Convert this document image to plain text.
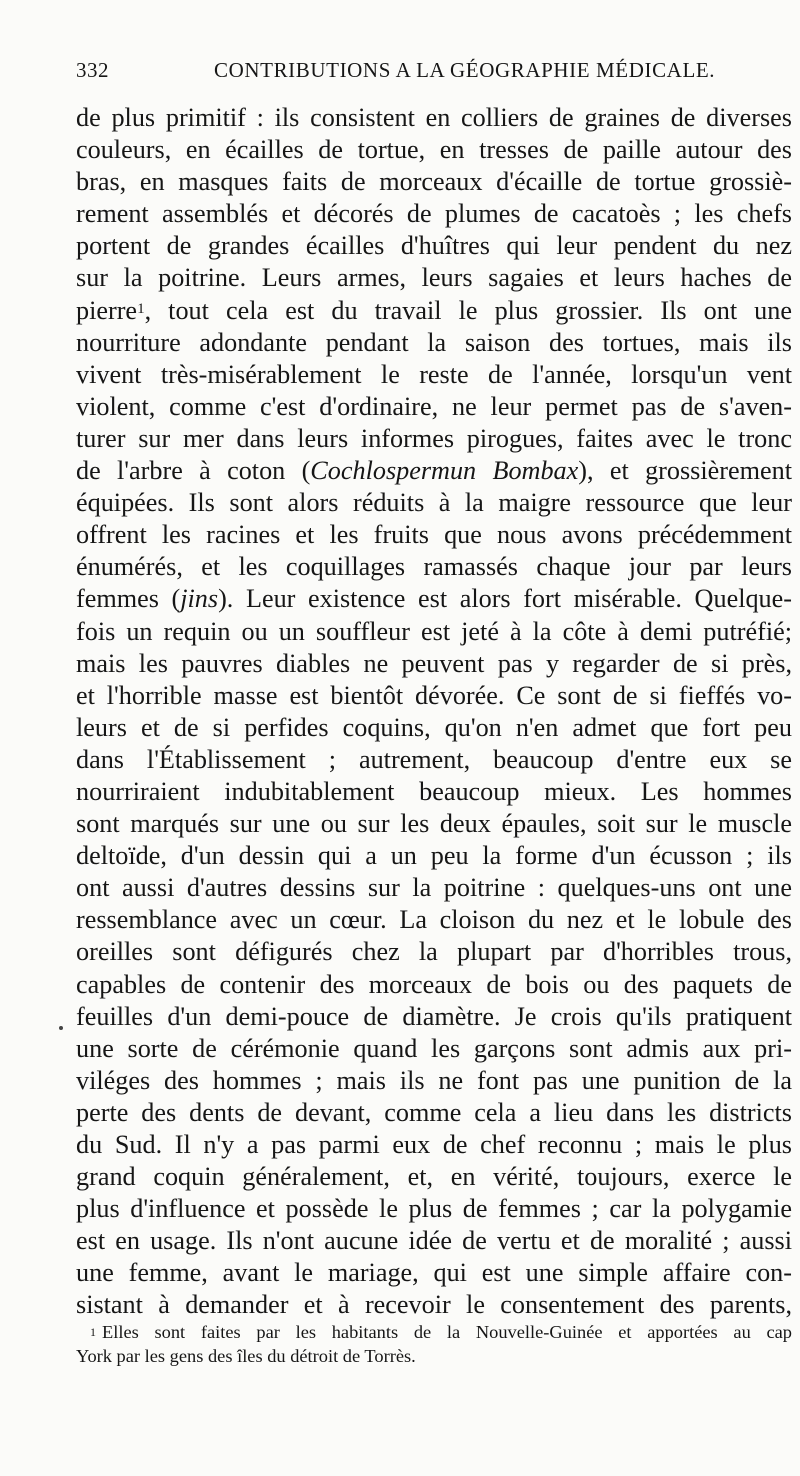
332	CONTRIBUTIONS A LA GÉOGRAPHIE MÉDICALE.
de plus primitif : ils consistent en colliers de graines de diverses
couleurs, en écailles de tortue, en tresses de paille autour des
bras, en masques faits de morceaux d'écaille de tortue grossiè-
rement assemblés et décorés de plumes de cacatoès ; les chefs
portent de grandes écailles d'huîtres qui leur pendent du nez
sur la poitrine. Leurs armes, leurs sagaies et leurs haches de
pierre$^1$, tout cela est du travail le plus grossier. Ils ont une
nourriture adondante pendant la saison des tortues, mais ils
vivent très-misérablement le reste de l'année, lorsqu'un vent
violent, comme c'est d'ordinaire, ne leur permet pas de s'aven-
turer sur mer dans leurs informes pirogues, faites avec le tronc
de l'arbre à coton (Cochlospermun Bombax), et grossièrement
équipées. Ils sont alors réduits à la maigre ressource que leur
offrent les racines et les fruits que nous avons précédemment
énumérés, et les coquillages ramassés chaque jour par leurs
femmes (jins). Leur existence est alors fort misérable. Quelque-
fois un requin ou un souffleur est jeté à la côte à demi putréfié;
mais les pauvres diables ne peuvent pas y regarder de si près,
et l'horrible masse est bientôt dévorée. Ce sont de si fieffés vo-
leurs et de si perfides coquins, qu'on n'en admet que fort peu
dans l'Établissement ; autrement, beaucoup d'entre eux se
nourriraient indubitablement beaucoup mieux. Les hommes
sont marqués sur une ou sur les deux épaules, soit sur le muscle
deltoïde, d'un dessin qui a un peu la forme d'un écusson ; ils
ont aussi d'autres dessins sur la poitrine : quelques-uns ont une
ressemblance avec un cœur. La cloison du nez et le lobule des
oreilles sont défigurés chez la plupart par d'horribles trous,
capables de contenir des morceaux de bois ou des paquets de
feuilles d'un demi-pouce de diamètre. Je crois qu'ils pratiquent
une sorte de cérémonie quand les garçons sont admis aux pri-
viléges des hommes ; mais ils ne font pas une punition de la
perte des dents de devant, comme cela a lieu dans les districts
du Sud. Il n'y a pas parmi eux de chef reconnu ; mais le plus
grand coquin généralement, et, en vérité, toujours, exerce le
plus d'influence et possède le plus de femmes ; car la polygamie
est en usage. Ils n'ont aucune idée de vertu et de moralité ; aussi
une femme, avant le mariage, qui est une simple affaire con-
sistant à demander et à recevoir le consentement des parents,
$^1$ Elles sont faites par les habitants de la Nouvelle-Guinée et apportées au cap
York par les gens des îles du détroit de Torrès.
